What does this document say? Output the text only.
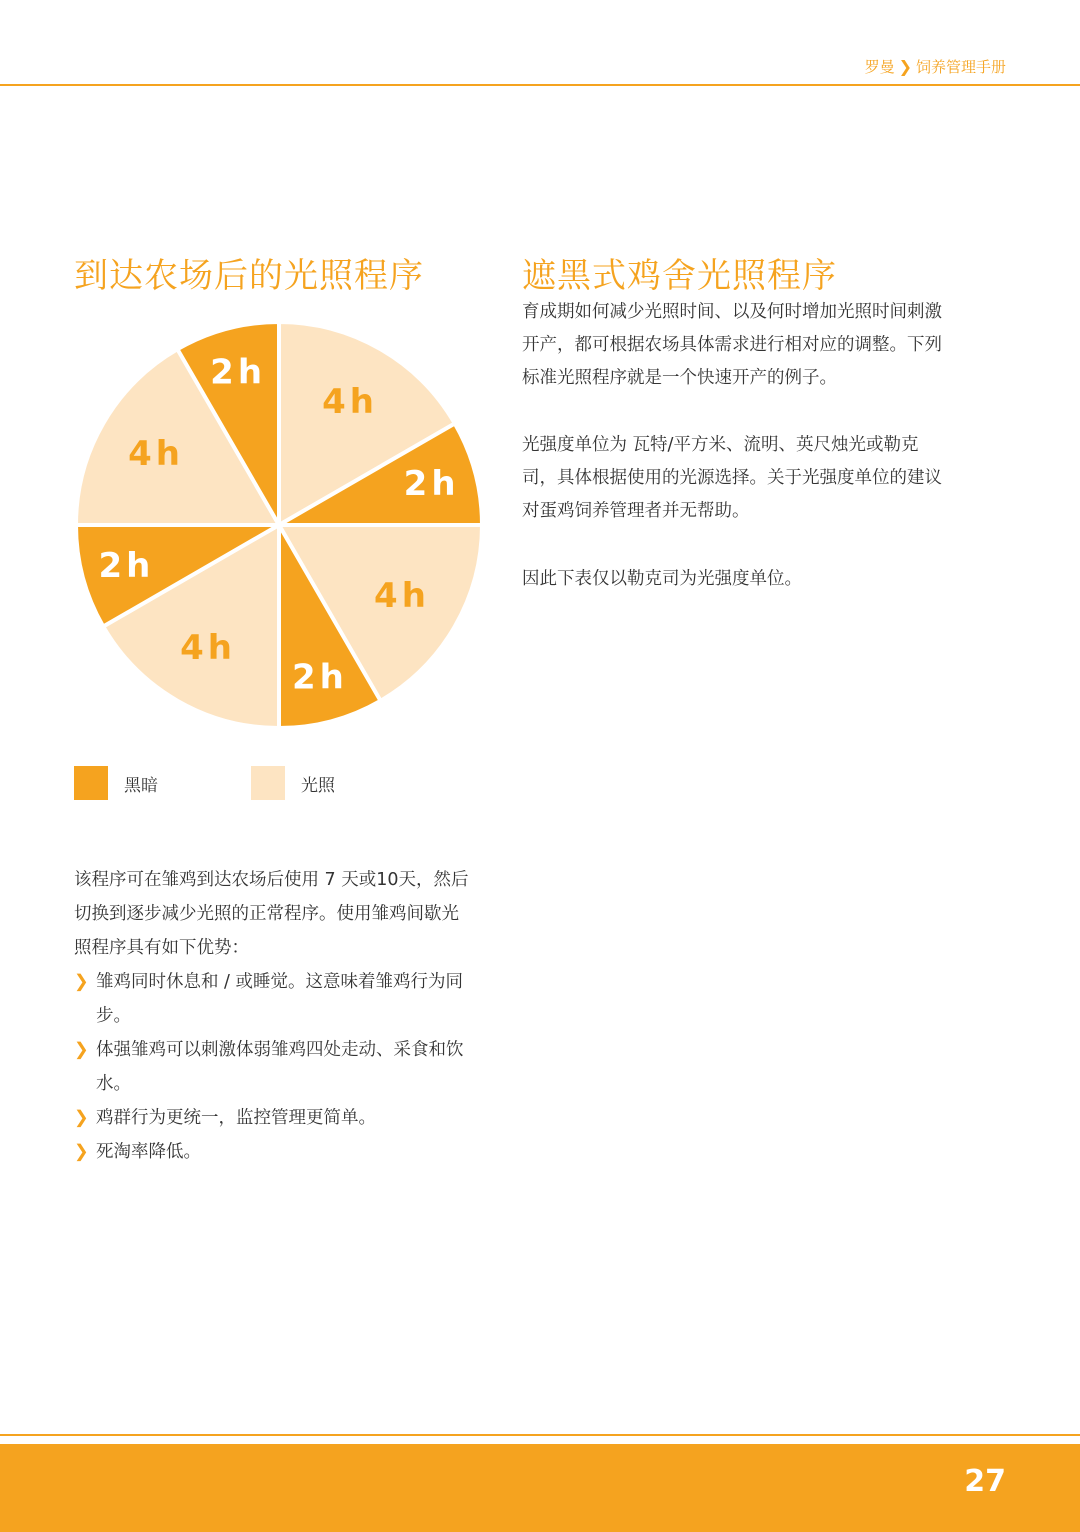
罗曼 ❯ 饲养管理手册
到达农场后的光照程序	遮黑式鸡舍光照程序
4h
2h
4h
2h
4h
2h
4h
2h
黑暗	光照

育成期如何减少光照时间、以及何时增加光照时间刺激开产，都可根据农场具体需求进行相对应的调整。下列标准光照程序就是一个快速开产的例子。

光强度单位为 瓦特/平方米、流明、英尺烛光或勒克司，具体根据使用的光源选择。关于光强度单位的建议对蛋鸡饲养管理者并无帮助。

因此下表仅以勒克司为光强度单位。

该程序可在雏鸡到达农场后使用 7 天或10天，然后切换到逐步减少光照的正常程序。使用雏鸡间歇光照程序具有如下优势：

❯ 雏鸡同时休息和 / 或睡觉。这意味着雏鸡行为同步。
❯ 体强雏鸡可以刺激体弱雏鸡四处走动、采食和饮水。
❯ 鸡群行为更统一，监控管理更简单。
❯ 死淘率降低。
27
